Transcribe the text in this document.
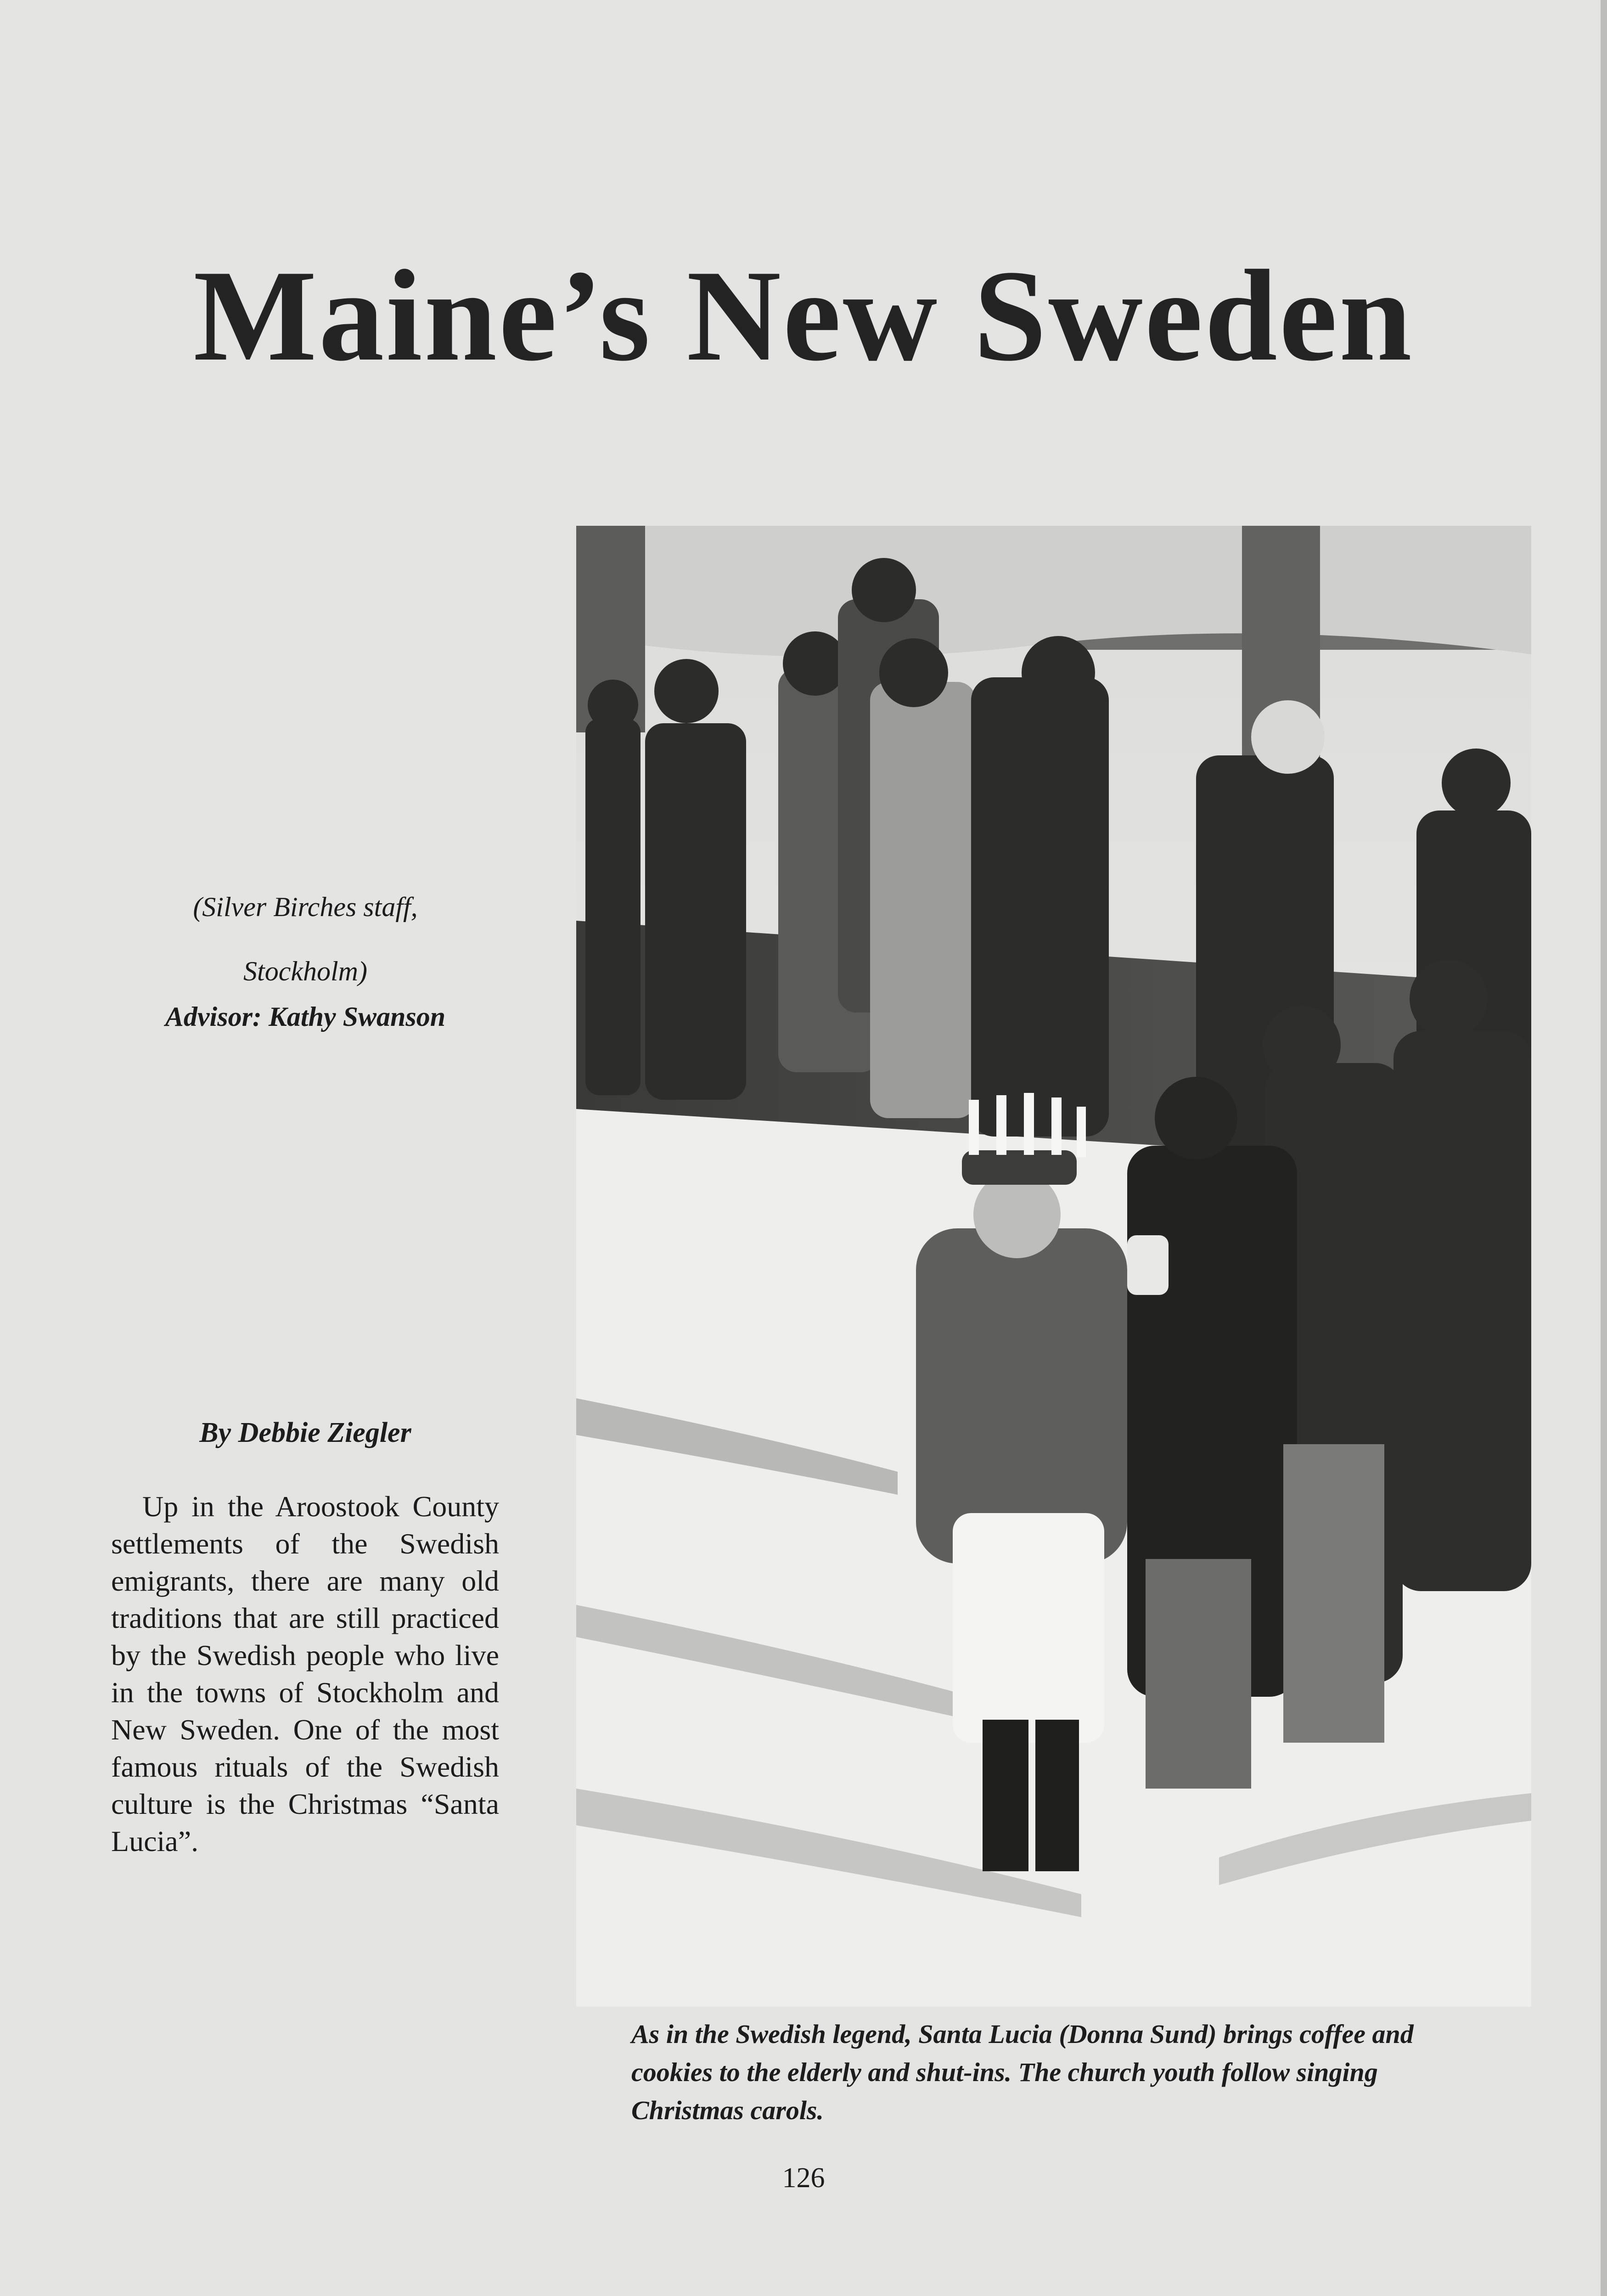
Maine’s New Sweden
(Silver Birches staff,
Stockholm)
Advisor: Kathy Swanson
By Debbie Ziegler

Up in the Aroostook County settlements of the Swedish emigrants, there are many old traditions that are still practiced by the Swedish people who live in the towns of Stockholm and New Sweden. One of the most famous rituals of the Swedish culture is the Christmas “Santa Lucia”.

As in the Swedish legend, Santa Lucia (Donna Sund) brings coffee and cookies to the elderly and shut-ins. The church youth follow singing Christmas carols.

126
